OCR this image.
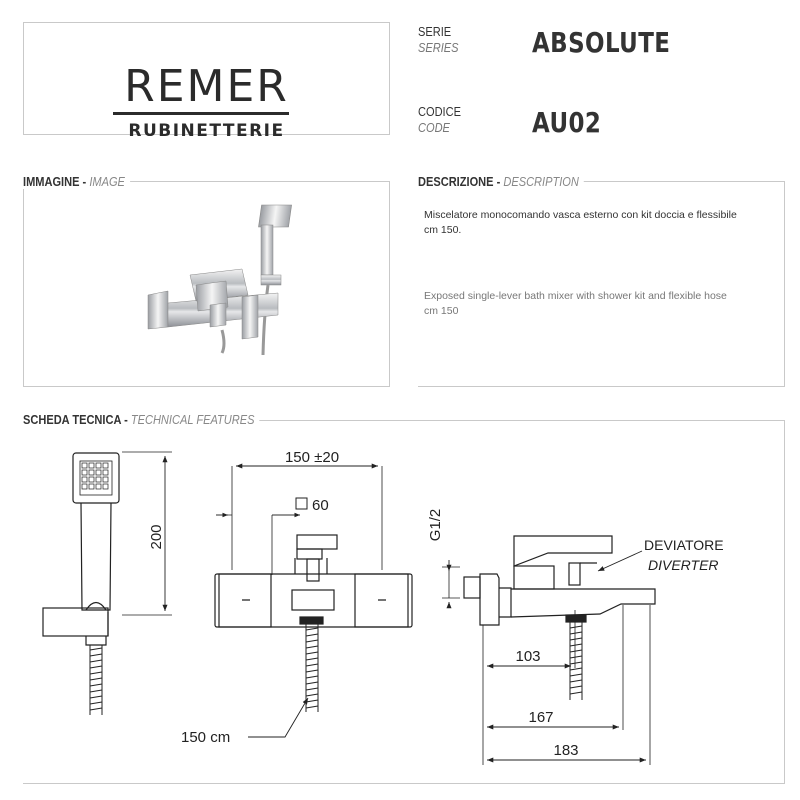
REMER
RUBINETTERIE
SERIE
SERIES	ABSOLUTE
CODICE
CODE	AU02
IMMAGINE - IMAGE	DESCRIZIONE - DESCRIPTION
Miscelatore monocomando vasca esterno con kit doccia e flessibile
cm 150.
Exposed single-lever bath mixer with shower kit and flexible hose
cm 150
SCHEDA TECNICA - TECHNICAL FEATURES
200
150 ±20
60
150 cm
G1/2
103
167
183
DEVIATORE
DIVERTER
